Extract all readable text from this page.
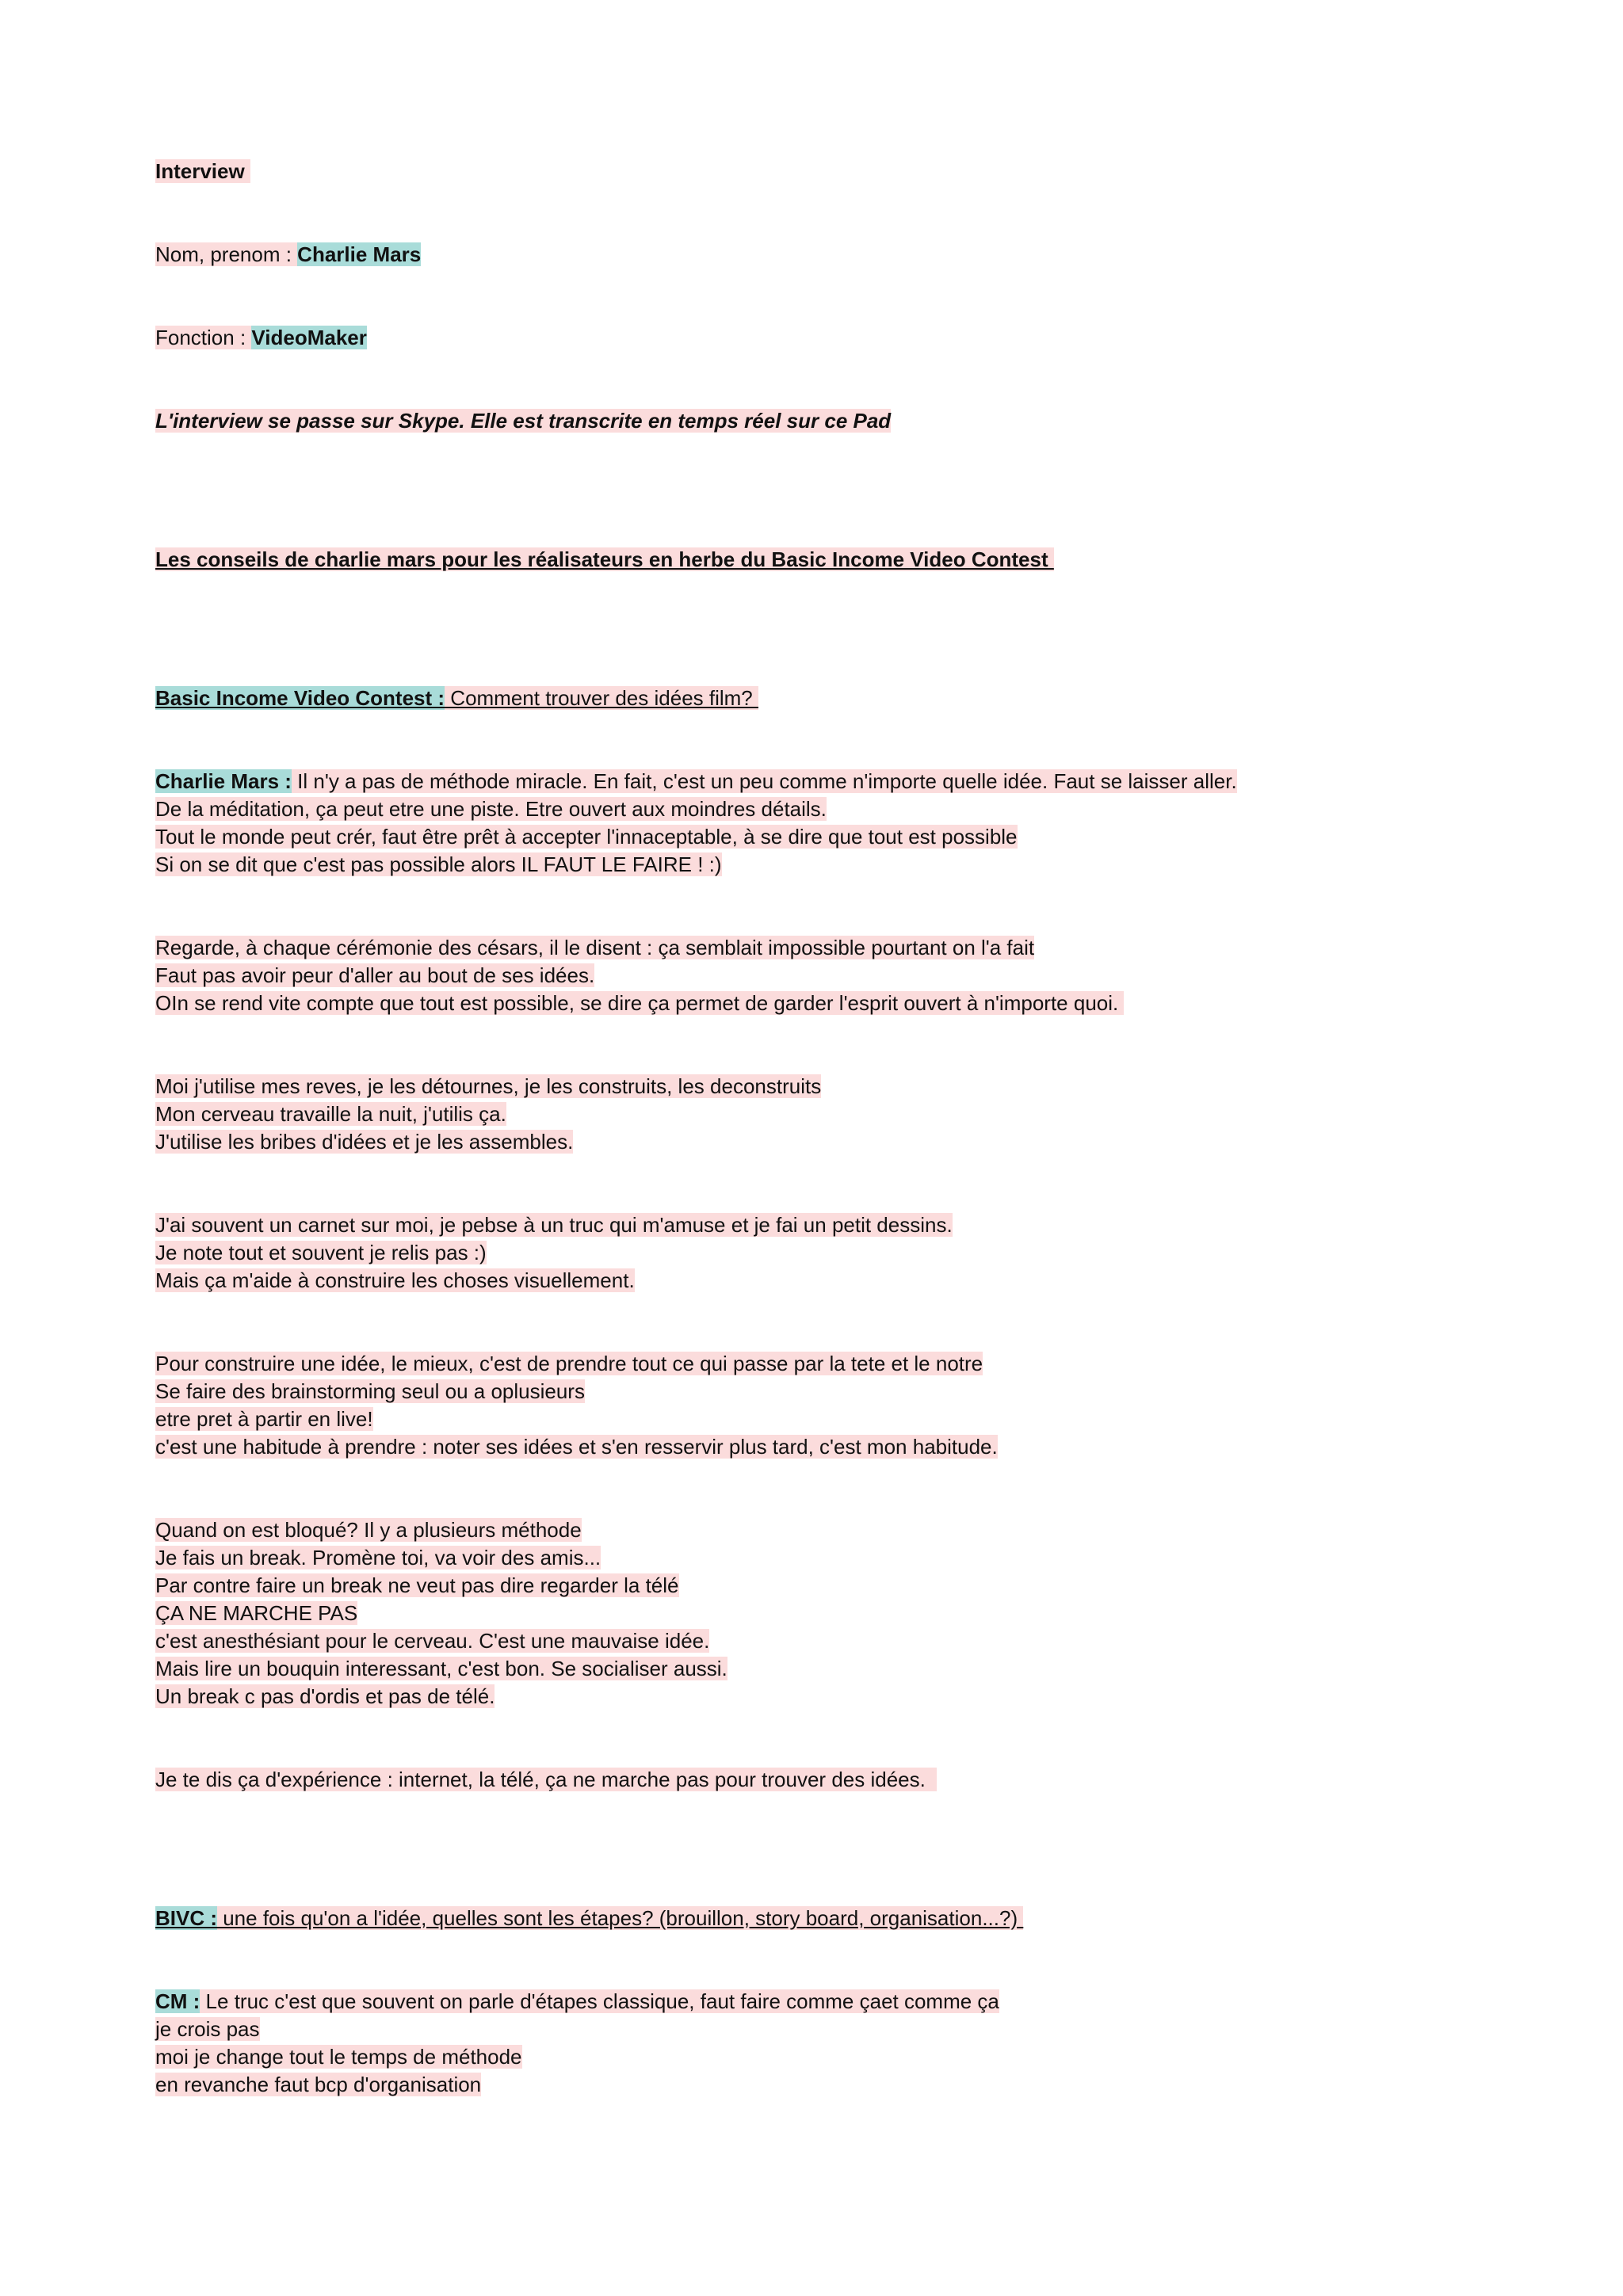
Interview
Nom, prenom : Charlie Mars
Fonction : VideoMaker
L'interview se passe sur Skype. Elle est transcrite en temps réel sur ce Pad
Les conseils de charlie mars pour les réalisateurs en herbe du Basic Income Video Contest
Basic Income Video Contest : Comment trouver des idées film?
Charlie Mars : Il n'y a pas de méthode miracle. En fait, c'est un peu comme n'importe quelle idée. Faut se laisser aller.
De la méditation, ça peut etre une piste. Etre ouvert aux moindres détails.
Tout le monde peut crér, faut être prêt à accepter l'innaceptable, à se dire que tout est possible
Si on se dit que c'est pas possible alors IL FAUT LE FAIRE ! :)
Regarde, à chaque cérémonie des césars, il le disent : ça semblait impossible pourtant on l'a fait
Faut pas avoir peur d'aller au bout de ses idées.
OIn se rend vite compte que tout est possible, se dire ça permet de garder l'esprit ouvert à n'importe quoi.
Moi j'utilise mes reves, je les détournes, je les construits, les deconstruits
Mon cerveau travaille la nuit, j'utilis ça.
J'utilise les bribes d'idées et je les assembles.
J'ai souvent un carnet sur moi, je pebse à un truc qui m'amuse et je fai un petit dessins.
Je note tout et souvent je relis pas :)
Mais ça m'aide à construire les choses visuellement.
Pour construire une idée, le mieux, c'est de prendre tout ce qui passe par la tete et le notre
Se faire des brainstorming seul ou a oplusieurs
etre pret à partir en live!
c'est une habitude à prendre : noter ses idées et s'en resservir plus tard, c'est mon habitude.
Quand on est bloqué? Il y a plusieurs méthode
Je fais un break. Promène toi, va voir des amis...
Par contre faire un break ne veut pas dire regarder la télé
ÇA NE MARCHE PAS
c'est anesthésiant pour le cerveau. C'est une mauvaise idée.
Mais lire un bouquin interessant, c'est bon. Se socialiser aussi.
Un break c pas d'ordis et pas de télé.
Je te dis ça d'expérience : internet, la télé, ça ne marche pas pour trouver des idées.
BIVC : une fois qu'on a l'idée, quelles sont les étapes? (brouillon, story board, organisation...?)
CM : Le truc c'est que souvent on parle d'étapes classique, faut faire comme çaet comme ça
je crois pas
moi je change tout le temps de méthode
en revanche faut bcp d'organisation
